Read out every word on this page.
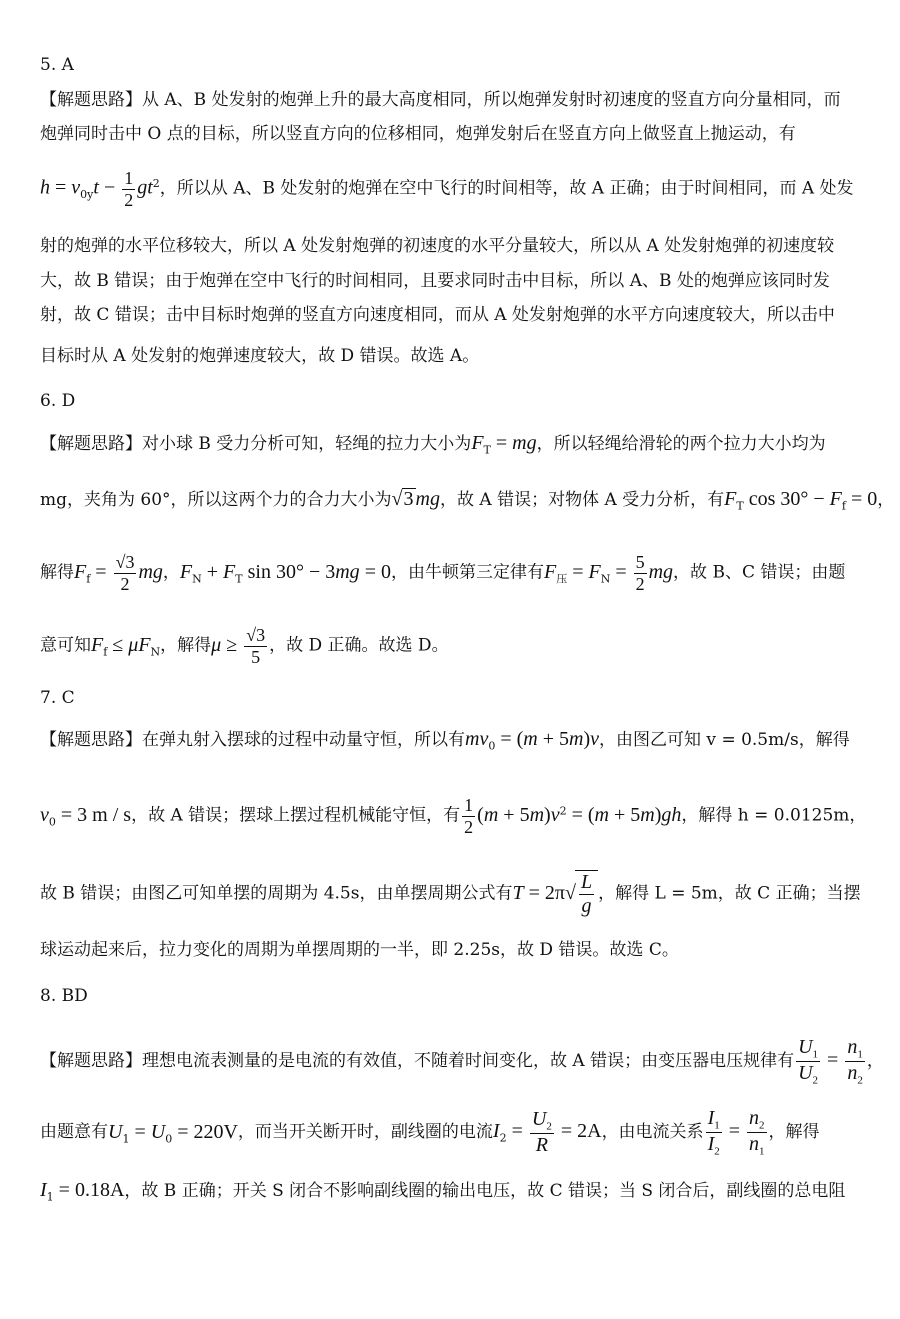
5. A
【解题思路】从 A、B 处发射的炮弹上升的最大高度相同，所以炮弹发射时初速度的竖直方向分量相同，而
炮弹同时击中 O 点的目标，所以竖直方向的位移相同，炮弹发射后在竖直方向上做竖直上抛运动，有
$h = v_{0y}t - \frac{1}{2} gt^2$，所以从 A、B 处发射的炮弹在空中飞行的时间相等，故 A 正确；由于时间相同，而 A 处发
射的炮弹的水平位移较大，所以 A 处发射炮弹的初速度的水平分量较大，所以从 A 处发射炮弹的初速度较
大，故 B 错误；由于炮弹在空中飞行的时间相同，且要求同时击中目标，所以 A、B 处的炮弹应该同时发
射，故 C 错误；击中目标时炮弹的竖直方向速度相同，而从 A 处发射炮弹的水平方向速度较大，所以击中
目标时从 A 处发射的炮弹速度较大，故 D 错误。故选 A。
6. D
【解题思路】对小球 B 受力分析可知，轻绳的拉力大小为$F_T$ = mg，所以轻绳给滑轮的两个拉力大小均为
mg，夹角为 60°，所以这两个力的合力大小为√3 mg，故 A 错误；对物体 A 受力分析，有$F_T$ $\cos 30^\circ - F_f = 0$，
解得$F_f = \frac{√3}{2}$ mg，$F_N + F_T$ sin 30° − 3mg = 0，由牛顿第三定律有$F_压 = F_N = \frac{5}{2}$ mg，故 B、C 错误；由题
意可知$F_f \le \mu F_N$，解得$\mu \ge \frac{√3}{5}$ ，故 D 正确。故选 D。
7. C
【解题思路】在弹丸射入摆球的过程中动量守恒，所以有$mv_0 = (m + 5m)v$，由图乙可知 v = 0.5m/s，解得
$v_0 = 3$ m / s，故 A 错误；摆球上摆过程机械能守恒，有 $\frac{1}{2} (m + 5m)v^2 = (m + 5m)gh$，解得 h = 0.0125m，
故 B 错误；由图乙可知单摆的周期为 4.5s，由单摆周期公式有$T = 2\pi√ \frac{L}{g}$ ，解得 L = 5m，故 C 正确；当摆
球运动起来后，拉力变化的周期为单摆周期的一半，即 2.25s，故 D 错误。故选 C。
8. BD
【解题思路】理想电流表测量的是电流的有效值，不随着时间变化，故 A 错误；由变压器电压规律有 $\frac{U_1}{U_2} = \frac{n_1}{n_2}$ ，
由题意有$U_1 = U_0 = 220V$，而当开关断开时，副线圈的电流$I_2 = \frac{U_2}{R} = 2A$，由电流关系 $\frac{I_1}{I_2} = \frac{n_2}{n_1}$ ，解得
$I_1 = 0.18A$，故 B 正确；开关 S 闭合不影响副线圈的输出电压，故 C 错误；当 S 闭合后，副线圈的总电阻
